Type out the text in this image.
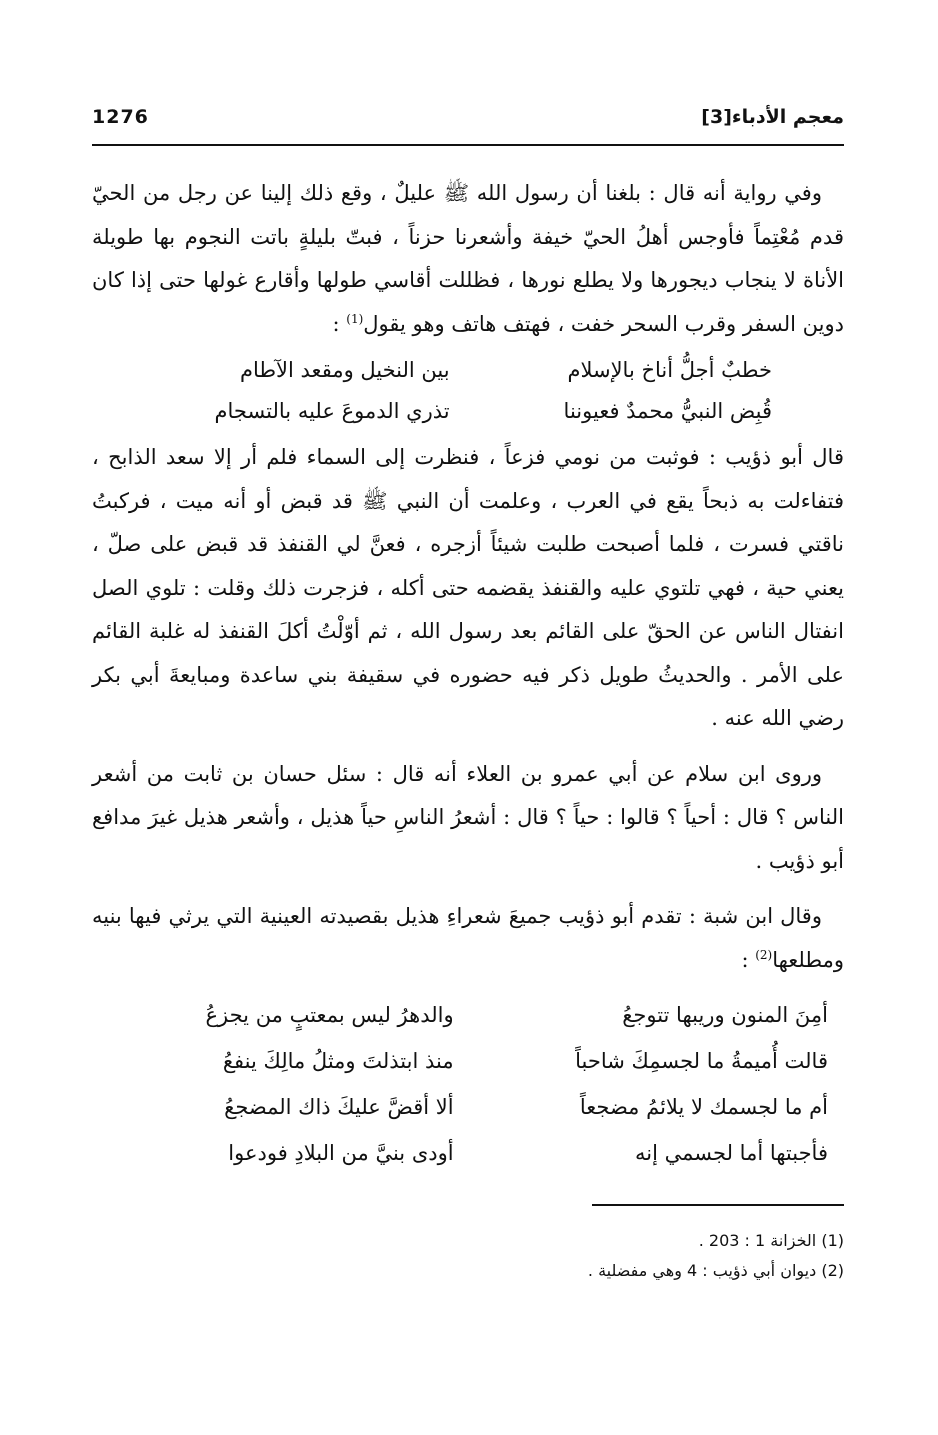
معجم الأدباء[3]
1276

وفي رواية أنه قال : بلغنا أن رسول الله ﷺ عليلٌ ، وقع ذلك إلينا عن رجل من الحيّ قدم مُعْتِماً فأوجس أهلُ الحيّ خيفة وأشعرنا حزناً ، فبتّ بليلةٍ باتت النجوم بها طويلة الأناة لا ينجاب ديجورها ولا يطلع نورها ، فظللت أقاسي طولها وأقارع غولها حتى إذا كان دوين السفر وقرب السحر خفت ، فهتف هاتف وهو يقول$^{(1)}$ :

خطبٌ أجلُّ أناخ بالإسلام
بين النخيل ومقعد الآطام
قُبِض النبيُّ محمدٌ فعيوننا
تذري الدموعَ عليه بالتسجام

قال أبو ذؤيب : فوثبت من نومي فزعاً ، فنظرت إلى السماء فلم أر إلا سعد الذابح ، فتفاءلت به ذبحاً يقع في العرب ، وعلمت أن النبي ﷺ قد قبض أو أنه ميت ، فركبتُ ناقتي فسرت ، فلما أصبحت طلبت شيئاً أزجره ، فعنَّ لي القنفذ قد قبض على صلّ ، يعني حية ، فهي تلتوي عليه والقنفذ يقضمه حتى أكله ، فزجرت ذلك وقلت : تلوي الصل انفتال الناس عن الحقّ على القائم بعد رسول الله ، ثم أوّلْتُ أكلَ القنفذ له غلبة القائم على الأمر . والحديثُ طويل ذكر فيه حضوره في سقيفة بني ساعدة ومبايعةَ أبي بكر رضي الله عنه .

وروى ابن سلام عن أبي عمرو بن العلاء أنه قال : سئل حسان بن ثابت من أشعر الناس ؟ قال : أحياً ؟ قالوا : حياً ؟ قال : أشعرُ الناسِ حياً هذيل ، وأشعر هذيل غيرَ مدافع أبو ذؤيب .

وقال ابن شبة : تقدم أبو ذؤيب جميعَ شعراءِ هذيل بقصيدته العينية التي يرثي فيها بنيه ومطلعها$^{(2)}$ :

أمِنَ المنون وريبها تتوجعُ
والدهرُ ليس بمعتبٍ من يجزعُ
قالت أُميمةُ ما لجسمِكَ شاحباً
منذ ابتذلتَ ومثلُ مالِكَ ينفعُ
أم ما لجسمك لا يلائمُ مضجعاً
ألا أقضَّ عليكَ ذاك المضجعُ
فأجبتها أما لجسمي إنه
أودى بنيَّ من البلادِ فودعوا
(1) الخزانة 1 : 203 .
(2) ديوان أبي ذؤيب : 4 وهي مفضلية .
